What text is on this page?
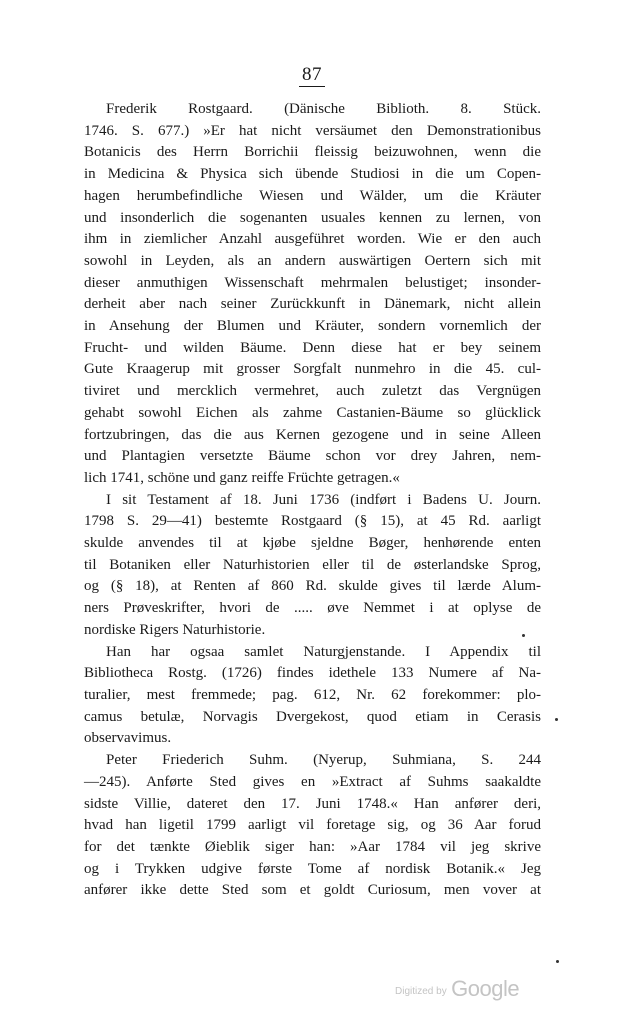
87
Frederik Rostgaard. (Dänische Biblioth. 8. Stück.
1746. S. 677.) »Er hat nicht versäumet den Demonstrationibus
Botanicis des Herrn Borrichii fleissig beizuwohnen, wenn die
in Medicina & Physica sich übende Studiosi in die um Copen-
hagen herumbefindliche Wiesen und Wälder, um die Kräuter
und insonderlich die sogenanten usuales kennen zu lernen, von
ihm in ziemlicher Anzahl ausgeführet worden. Wie er den auch
sowohl in Leyden, als an andern auswärtigen Oertern sich mit
dieser anmuthigen Wissenschaft mehrmalen belustiget; insonder-
derheit aber nach seiner Zurückkunft in Dänemark, nicht allein
in Ansehung der Blumen und Kräuter, sondern vornemlich der
Frucht- und wilden Bäume. Denn diese hat er bey seinem
Gute Kraagerup mit grosser Sorgfalt nunmehro in die 45. cul-
tiviret und mercklich vermehret, auch zuletzt das Vergnügen
gehabt sowohl Eichen als zahme Castanien-Bäume so glücklick
fortzubringen, das die aus Kernen gezogene und in seine Alleen
und Plantagien versetzte Bäume schon vor drey Jahren, nem-
lich 1741, schöne und ganz reiffe Früchte getragen.«
I sit Testament af 18. Juni 1736 (indført i Badens U. Journ.
1798 S. 29—41) bestemte Rostgaard (§ 15), at 45 Rd. aarligt
skulde anvendes til at kjøbe sjeldne Bøger, henhørende enten
til Botaniken eller Naturhistorien eller til de østerlandske Sprog,
og (§ 18), at Renten af 860 Rd. skulde gives til lærde Alum-
ners Prøveskrifter, hvori de ..... øve Nemmet i at oplyse de
nordiske Rigers Naturhistorie.
Han har ogsaa samlet Naturgjenstande. I Appendix til
Bibliotheca Rostg. (1726) findes idethele 133 Numere af Na-
turalier, mest fremmede; pag. 612, Nr. 62 forekommer: plo-
camus betulæ, Norvagis Dvergekost, quod etiam in Cerasis
observavimus.
Peter Friederich Suhm. (Nyerup, Suhmiana, S. 244
—245). Anførte Sted gives en »Extract af Suhms saakaldte
sidste Villie, dateret den 17. Juni 1748.« Han anfører deri,
hvad han ligetil 1799 aarligt vil foretage sig, og 36 Aar forud
for det tænkte Øieblik siger han: »Aar 1784 vil jeg skrive
og i Trykken udgive første Tome af nordisk Botanik.« Jeg
anfører ikke dette Sted som et goldt Curiosum, men vover at
Digitized by Google
